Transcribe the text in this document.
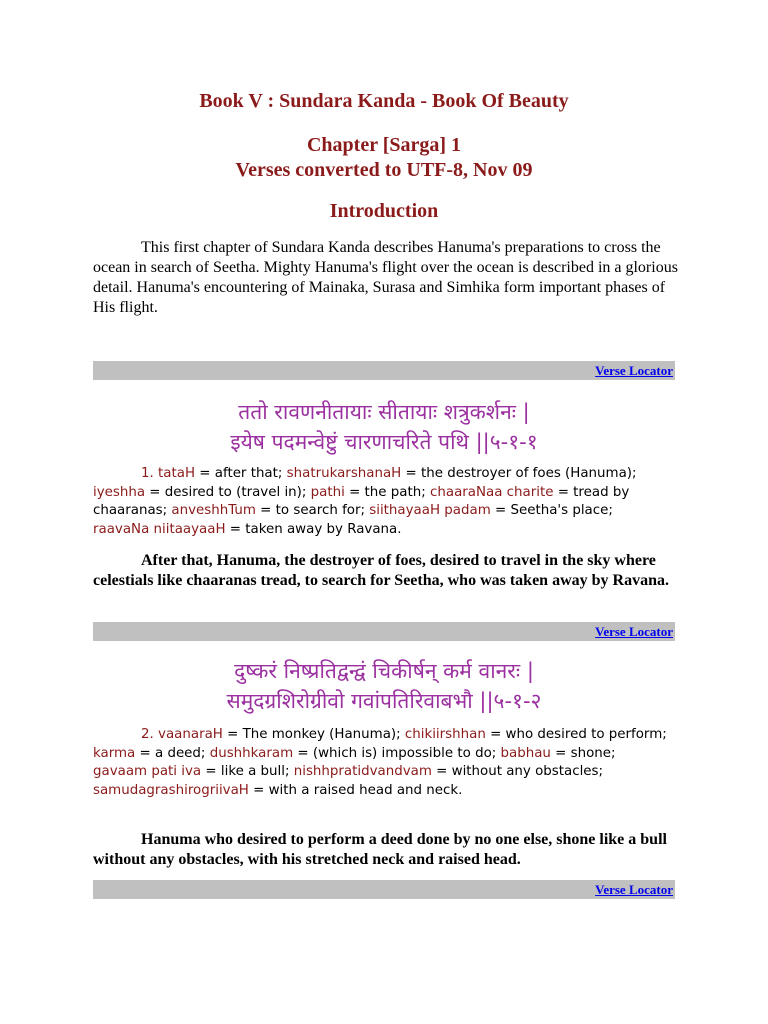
Book V : Sundara Kanda - Book Of Beauty
Chapter [Sarga] 1
Verses converted to UTF-8, Nov 09
Introduction

This first chapter of Sundara Kanda describes Hanuma's preparations to cross the ocean in search of Seetha. Mighty Hanuma's flight over the ocean is described in a glorious detail. Hanuma's encountering of Mainaka, Surasa and Simhika form important phases of His flight.

Verse Locator

ततो रावणनीतायाः सीतायाः शत्रुकर्शनः |
इयेष पदमन्वेष्टुं चारणाचरिते पथि ||५-१-१

1. tataH = after that; shatrukarshanaH = the destroyer of foes (Hanuma); iyeshha = desired to (travel in); pathi = the path; chaaraNaa charite = tread by chaaranas; anveshhTum = to search for; siithayaaH padam = Seetha's place; raavaNa niitaayaaH = taken away by Ravana.

After that, Hanuma, the destroyer of foes, desired to travel in the sky where celestials like chaaranas tread, to search for Seetha, who was taken away by Ravana.

Verse Locator

दुष्करं निष्प्रतिद्वन्द्वं चिकीर्षन् कर्म वानरः |
समुदग्रशिरोग्रीवो गवांपतिरिवाबभौ ||५-१-२

2. vaanaraH = The monkey (Hanuma); chikiirshhan = who desired to perform; karma = a deed; dushhkaram = (which is) impossible to do; babhau = shone; gavaam pati iva = like a bull; nishhpratidvandvam = without any obstacles; samudagrashirogriivaH = with a raised head and neck.

Hanuma who desired to perform a deed done by no one else, shone like a bull without any obstacles, with his stretched neck and raised head.

Verse Locator
